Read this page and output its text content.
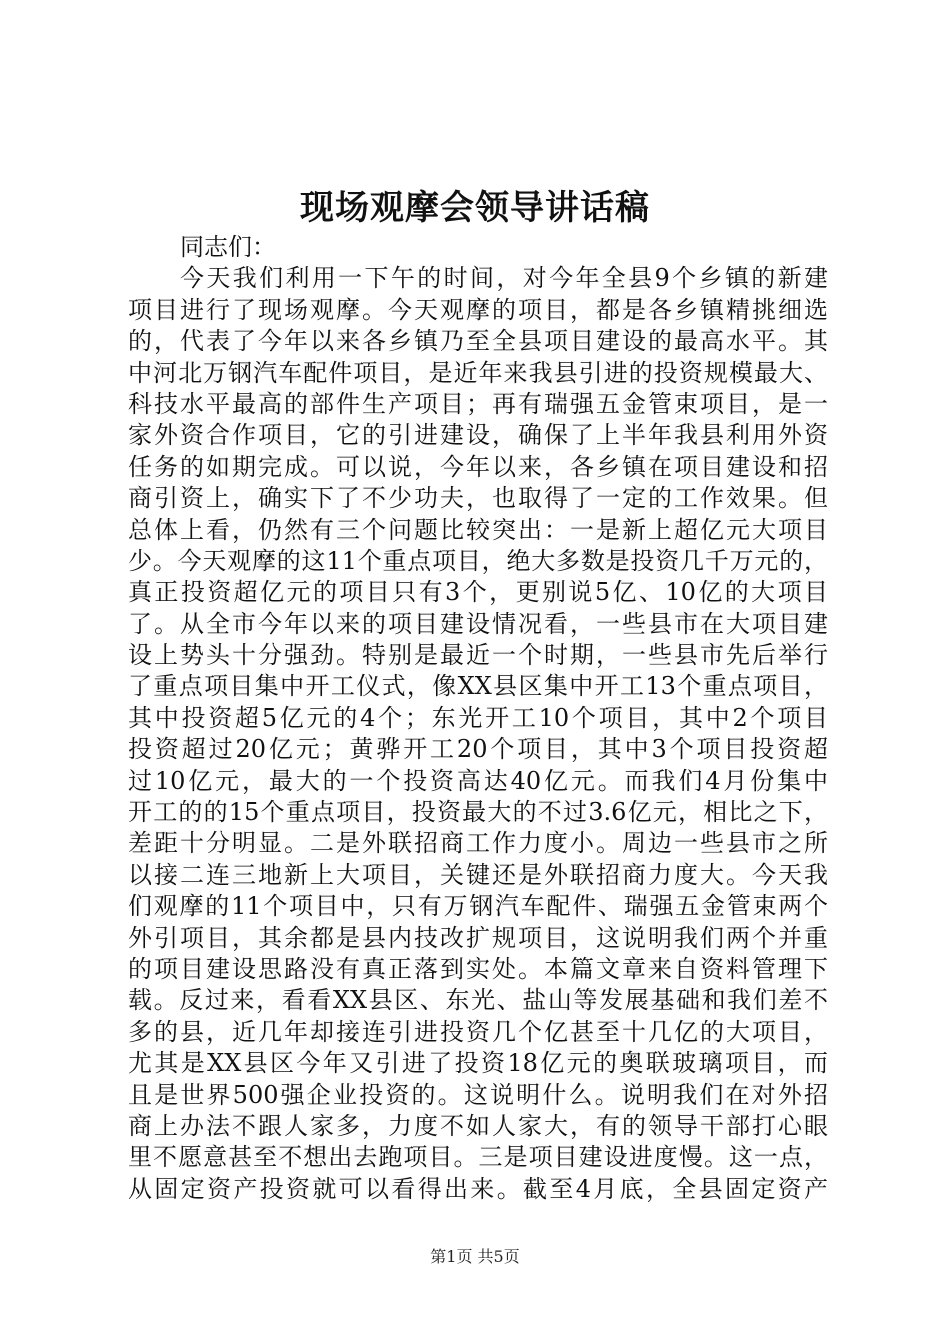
现场观摩会领导讲话稿
同志们：
今天我们利用一下午的时间，对今年全县9个乡镇的新建
项目进行了现场观摩。今天观摩的项目，都是各乡镇精挑细选
的，代表了今年以来各乡镇乃至全县项目建设的最高水平。其
中河北万钢汽车配件项目，是近年来我县引进的投资规模最大、
科技水平最高的部件生产项目；再有瑞强五金管束项目，是一
家外资合作项目，它的引进建设，确保了上半年我县利用外资
任务的如期完成。可以说，今年以来，各乡镇在项目建设和招
商引资上，确实下了不少功夫，也取得了一定的工作效果。但
总体上看，仍然有三个问题比较突出：一是新上超亿元大项目
少。今天观摩的这11个重点项目，绝大多数是投资几千万元的，
真正投资超亿元的项目只有3个，更别说5亿、10亿的大项目
了。从全市今年以来的项目建设情况看，一些县市在大项目建
设上势头十分强劲。特别是最近一个时期，一些县市先后举行
了重点项目集中开工仪式，像XX县区集中开工13个重点项目，
其中投资超5亿元的4个；东光开工10个项目，其中2个项目
投资超过20亿元；黄骅开工20个项目，其中3个项目投资超
过10亿元，最大的一个投资高达40亿元。而我们4月份集中
开工的的15个重点项目，投资最大的不过3.6亿元，相比之下，
差距十分明显。二是外联招商工作力度小。周边一些县市之所
以接二连三地新上大项目，关键还是外联招商力度大。今天我
们观摩的11个项目中，只有万钢汽车配件、瑞强五金管束两个
外引项目，其余都是县内技改扩规项目，这说明我们两个并重
的项目建设思路没有真正落到实处。本篇文章来自资料管理下
载。反过来，看看XX县区、东光、盐山等发展基础和我们差不
多的县，近几年却接连引进投资几个亿甚至十几亿的大项目，
尤其是XX县区今年又引进了投资18亿元的奥联玻璃项目，而
且是世界500强企业投资的。这说明什么。说明我们在对外招
商上办法不跟人家多，力度不如人家大，有的领导干部打心眼
里不愿意甚至不想出去跑项目。三是项目建设进度慢。这一点，
从固定资产投资就可以看得出来。截至4月底，全县固定资产
第1页 共5页
